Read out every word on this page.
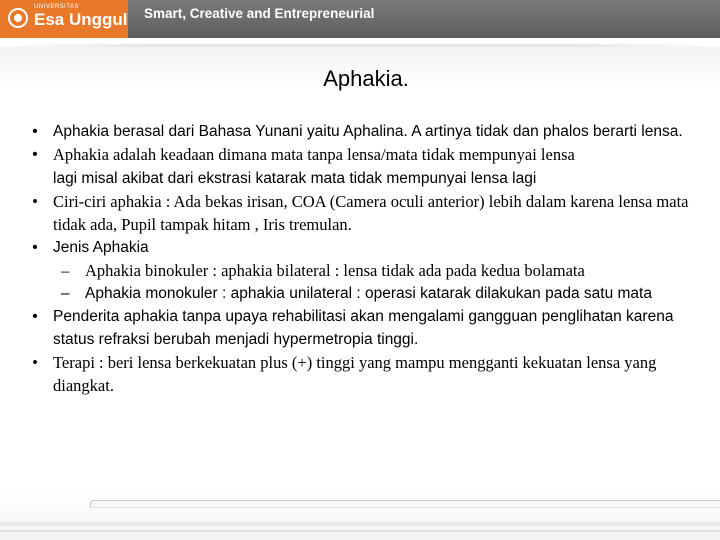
UNIVERSITAS
Esa Unggul Smart, Creative and Entrepreneurial
Aphakia.
• Aphakia berasal dari Bahasa Yunani yaitu Aphalina. A artinya tidak dan phalos berarti lensa.
• Aphakia adalah keadaan dimana mata tanpa lensa/mata tidak mempunyai lensa
lagi misal akibat dari ekstrasi katarak mata tidak mempunyai lensa lagi
• Ciri-ciri aphakia : Ada bekas irisan, COA (Camera oculi anterior) lebih dalam karena lensa mata tidak ada, Pupil tampak hitam , Iris tremulan.
• Jenis Aphakia
– Aphakia binokuler : aphakia bilateral : lensa tidak ada pada kedua bolamata
– Aphakia monokuler : aphakia unilateral : operasi katarak dilakukan pada satu mata
• Penderita aphakia tanpa upaya rehabilitasi akan mengalami gangguan penglihatan karena status refraksi berubah menjadi hypermetropia tinggi.
• Terapi : beri lensa berkekuatan plus (+) tinggi yang mampu mengganti kekuatan lensa yang diangkat.
